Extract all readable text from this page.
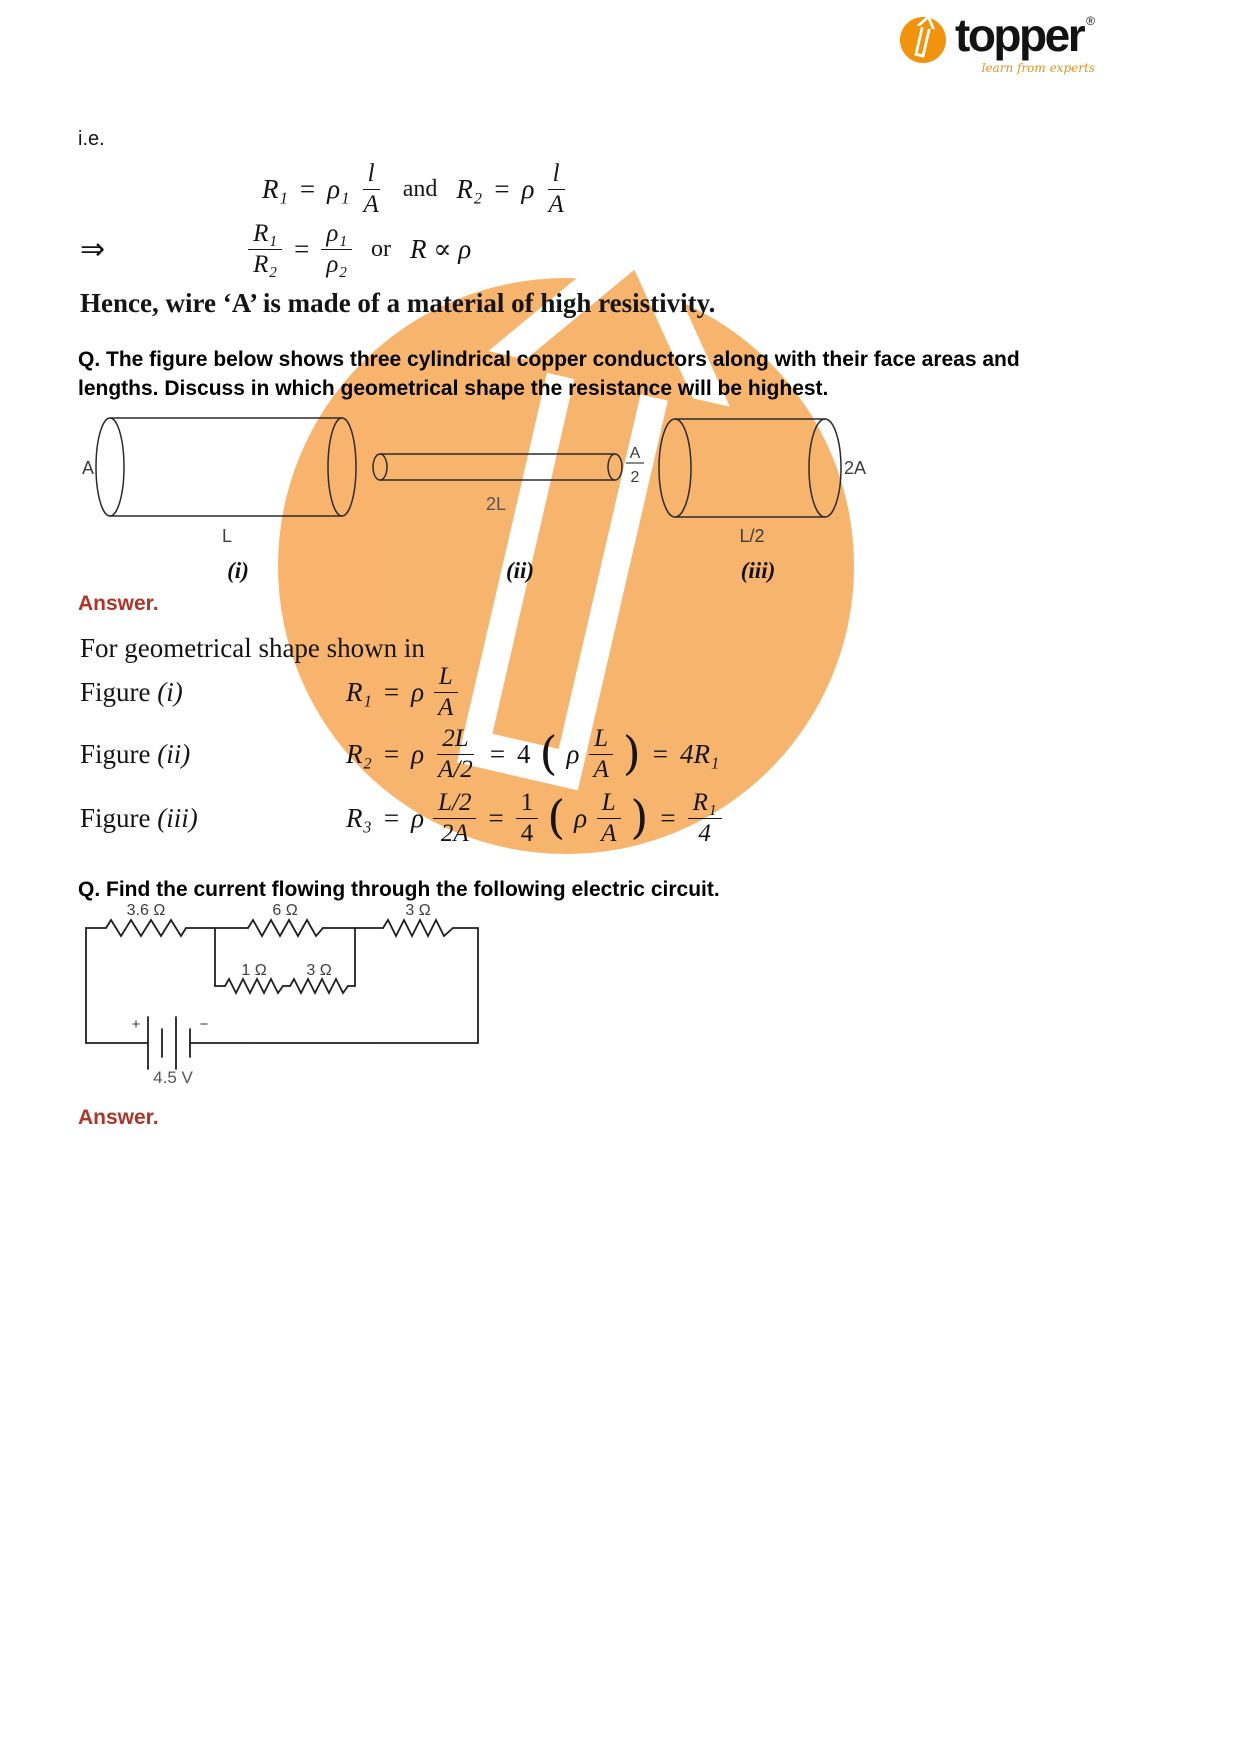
topper ®
learn from experts
i.e.
$R_1 = \rho_1 \frac{l}{A}$ and R₂ = ρ $\frac{l}{A}$
⇒	$\frac{\text{R₁}}{\text{R₂}} = \frac{\text{ρ₁}}{\text{ρ₂}}$ or R ∝ ρ
Hence, wire ‘A’ is made of a material of high resistivity.
Q. The figure below shows three cylindrical copper conductors along with their face areas and lengths. Discuss in which geometrical shape the resistance will be highest.
A
A
2
2L
2A
L	L/2
(i)	(ii)	(iii)
Answer.
For geometrical shape shown in
Figure (i)	R₁ = ρ $\frac{L}{A}$
Figure (ii)	R₂ = ρ $\frac{2L}{A/2} = 4$ ( ρ $\frac{L}{A}$ ) = 4R₁
Figure (iii)	R₃ = ρ $\frac{L/2}{2A} = \frac{1}{4}$ ( ρ $\frac{L}{A}$ ) = $\frac{\text{R₁}}{4}$
Q. Find the current flowing through the following electric circuit.
3.6 Ω	6 Ω	3 Ω
1 Ω 3 Ω
+	−
4.5 V
Answer.
